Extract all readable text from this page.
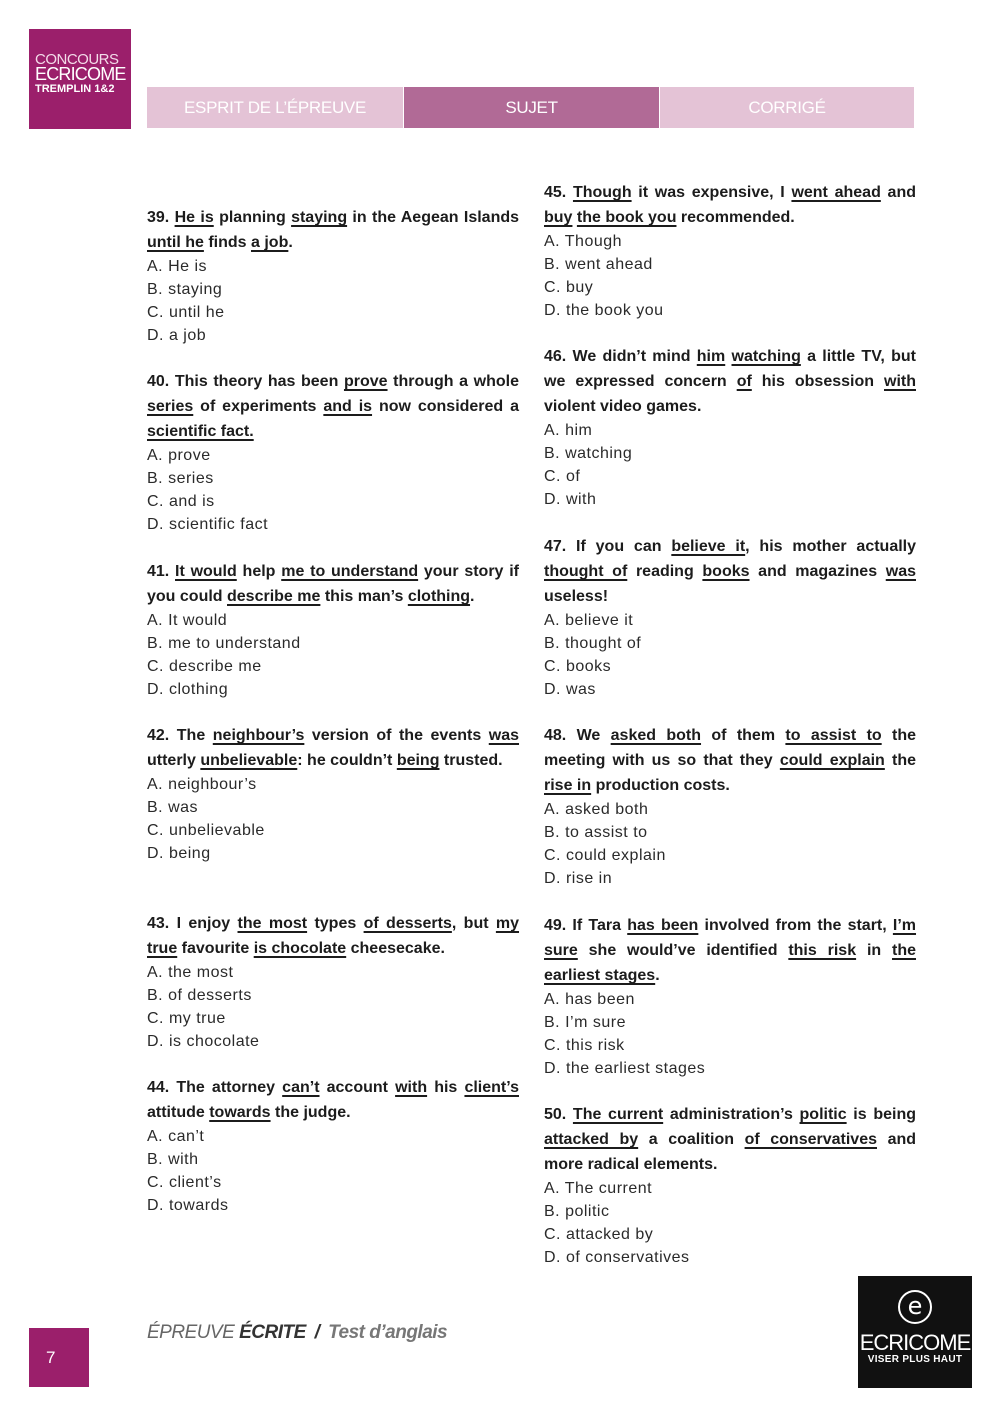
CONCOURS
ECRICOME
TREMPLIN 1&2
ESPRIT DE L’ÉPREUVE	SUJET	CORRIGÉ
39. He is planning staying in the Aegean Islands until he finds a job.
A. He is
B. staying
C. until he
D. a job
40. This theory has been prove through a whole series of experiments and is now considered a scientific fact.
A. prove
B. series
C. and is
D. scientific fact
41. It would help me to understand your story if you could describe me this man’s clothing.
A. It would
B. me to understand
C. describe me
D. clothing
42. The neighbour’s version of the events was utterly unbelievable: he couldn’t being trusted.
A. neighbour’s
B. was
C. unbelievable
D. being
43. I enjoy the most types of desserts, but my true favourite is chocolate cheesecake.
A. the most
B. of desserts
C. my true
D. is chocolate
44. The attorney can’t account with his client’s attitude towards the judge.
A. can’t
B. with
C. client’s
D. towards
45. Though it was expensive, I went ahead and buy the book you recommended.
A. Though
B. went ahead
C. buy
D. the book you
46. We didn’t mind him watching a little TV, but we expressed concern of his obsession with violent video games.
A. him
B. watching
C. of
D. with
47. If you can believe it, his mother actually thought of reading books and magazines was useless!
A. believe it
B. thought of
C. books
D. was
48. We asked both of them to assist to the meeting with us so that they could explain the rise in production costs.
A. asked both
B. to assist to
C. could explain
D. rise in
49. If Tara has been involved from the start, I’m sure she would’ve identified this risk in the earliest stages.
A. has been
B. I’m sure
C. this risk
D. the earliest stages
50. The current administration’s politic is being attacked by a coalition of conservatives and more radical elements.
A. The current
B. politic
C. attacked by
D. of conservatives
7
ÉPREUVE ÉCRITE / Test d’anglais
e
ECRICOME
VISER PLUS HAUT
